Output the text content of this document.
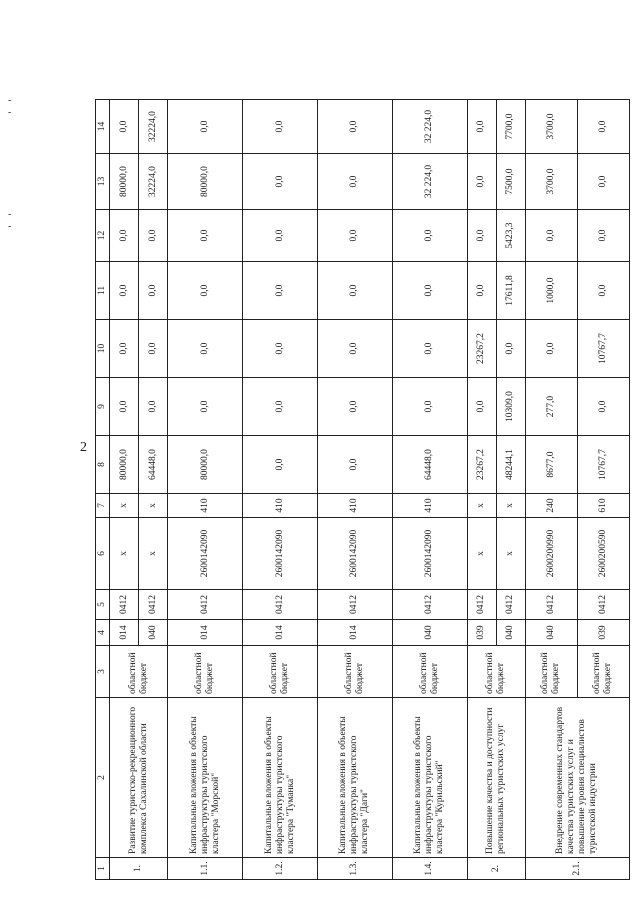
-
-
-
-
2
1	2	3	4	5	6	7	8	9	10	11	12	13	14
1.	Развитие туристско-рекреационного комплекса Сахалинской области	областной бюджет	014	0412	x	x	80000,0	0,0	0,0	0,0	0,0	80000,0	0,0
			040	0412	x	x	64448,0	0,0	0,0	0,0	0,0	32224,0	32224,0
1.1.	Капитальные вложения в объекты инфраструктуры туристского кластера "Морской"	областной бюджет	014	0412	2600142090	410	80000,0	0,0	0,0	0,0	0,0	80000,0	0,0
1.2.	Капитальные вложения в объекты инфраструктуры туристского кластера "Туманка"	областной бюджет	014	0412	2600142090	410	0,0	0,0	0,0	0,0	0,0	0,0	0,0
1.3.	Капитальные вложения в объекты инфраструктуры туристского кластера "Даги"	областной бюджет	014	0412	2600142090	410	0,0	0,0	0,0	0,0	0,0	0,0	0,0
1.4.	Капитальные вложения в объекты инфраструктуры туристского кластера "Курильский"	областной бюджет	040	0412	2600142090	410	64448,0	0,0	0,0	0,0	0,0	32 224,0	32 224,0
2.	Повышение качества и доступности региональных туристских услуг	областной бюджет	039	0412	x	x	23267,2	0,0	23267,2	0,0	0,0	0,0	0,0
			040	0412	x	x	48244,1	10309,0	0,0	17611,8	5423,3	7500,0	7700,0
2.1.	Внедрение современных стандартов качества туристских услуг и повышение уровня специалистов туристской индустрии	областной бюджет	040	0412	2600200990	240	8677,0	277,0	0,0	1000,0	0,0	3700,0	3700,0
		областной бюджет	039	0412	2600200590	610	10767,7	0,0	10767,7	0,0	0,0	0,0	0,0
